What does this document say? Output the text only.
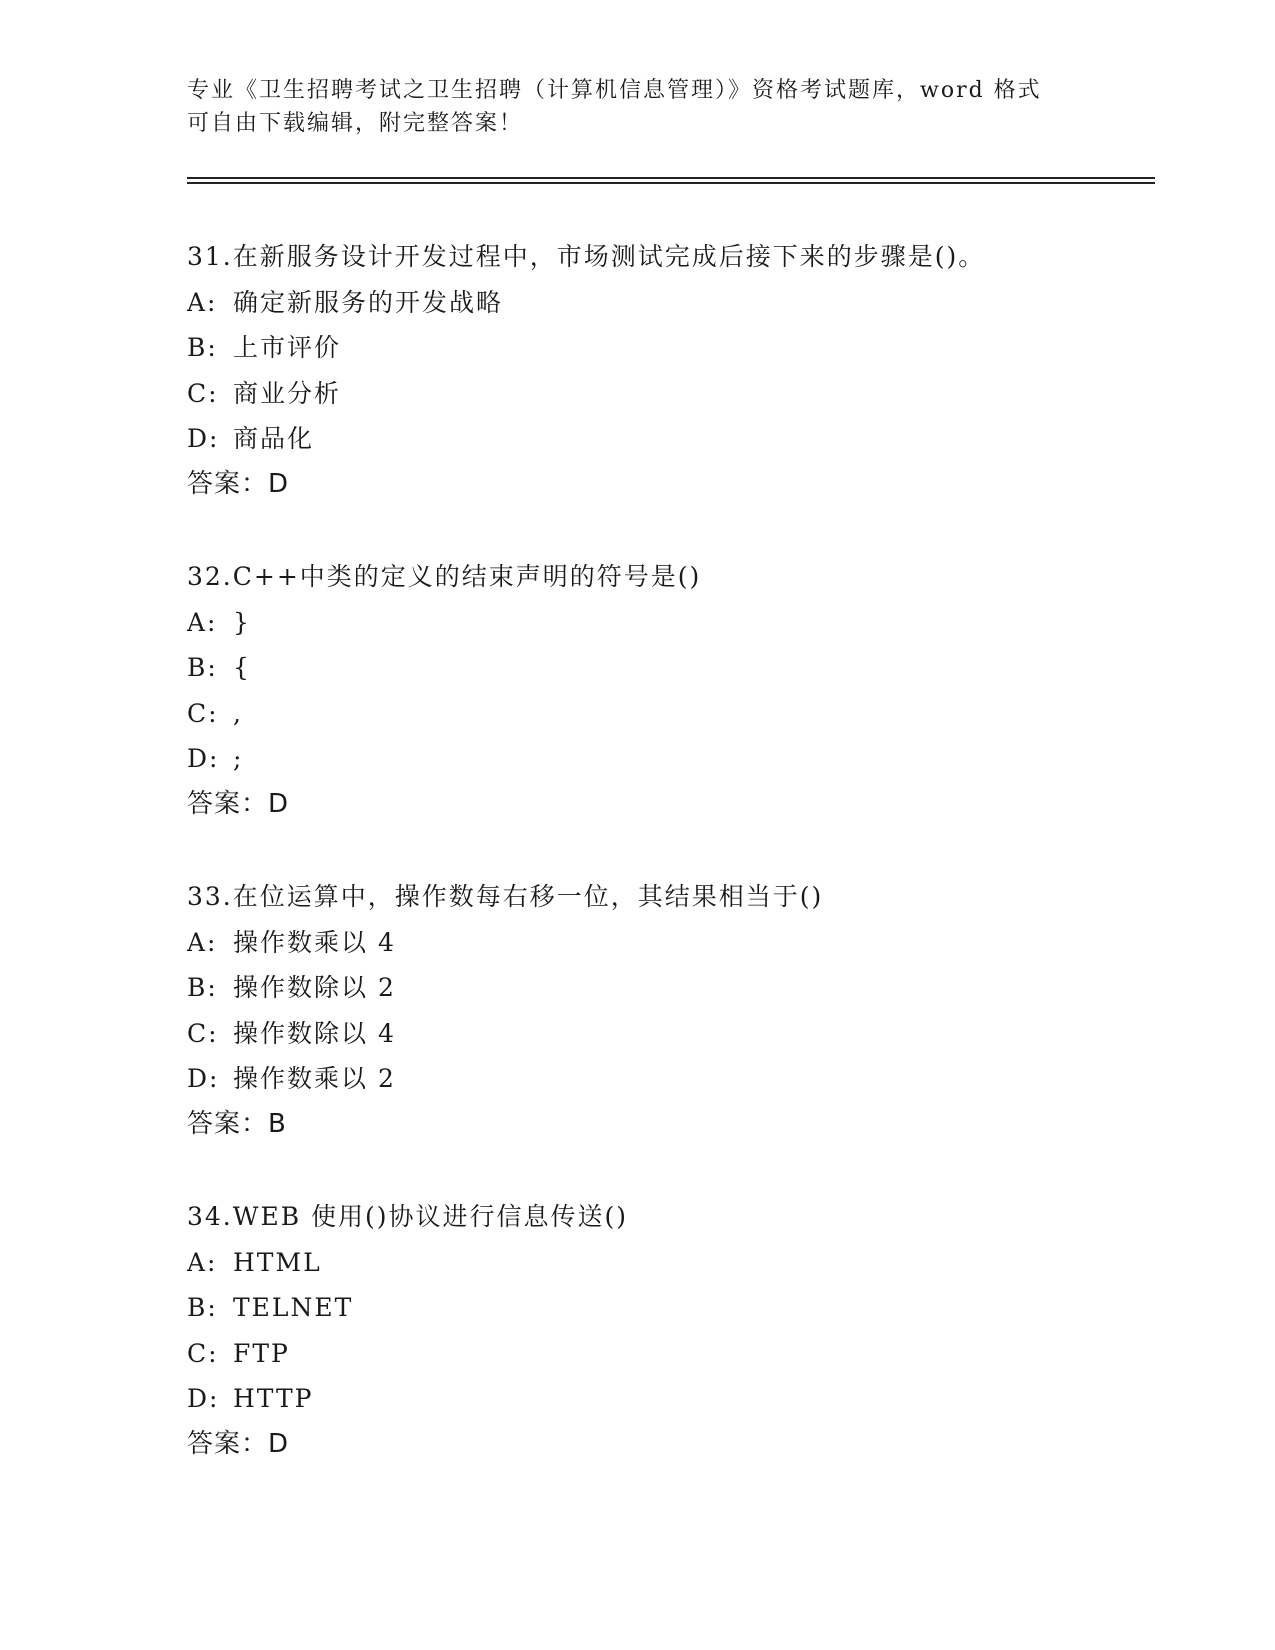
专业《卫生招聘考试之卫生招聘（计算机信息管理）》资格考试题库，word 格式
可自由下载编辑，附完整答案！
31.在新服务设计开发过程中，市场测试完成后接下来的步骤是()。
A: 确定新服务的开发战略
B: 上市评价
C: 商业分析
D: 商品化
答案：D
32.C++中类的定义的结束声明的符号是()
A: }
B: {
C: ,
D: ;
答案：D
33.在位运算中，操作数每右移一位，其结果相当于()
A: 操作数乘以 4
B: 操作数除以 2
C: 操作数除以 4
D: 操作数乘以 2
答案：B
34.WEB 使用()协议进行信息传送()
A: HTML
B: TELNET
C: FTP
D: HTTP
答案：D
